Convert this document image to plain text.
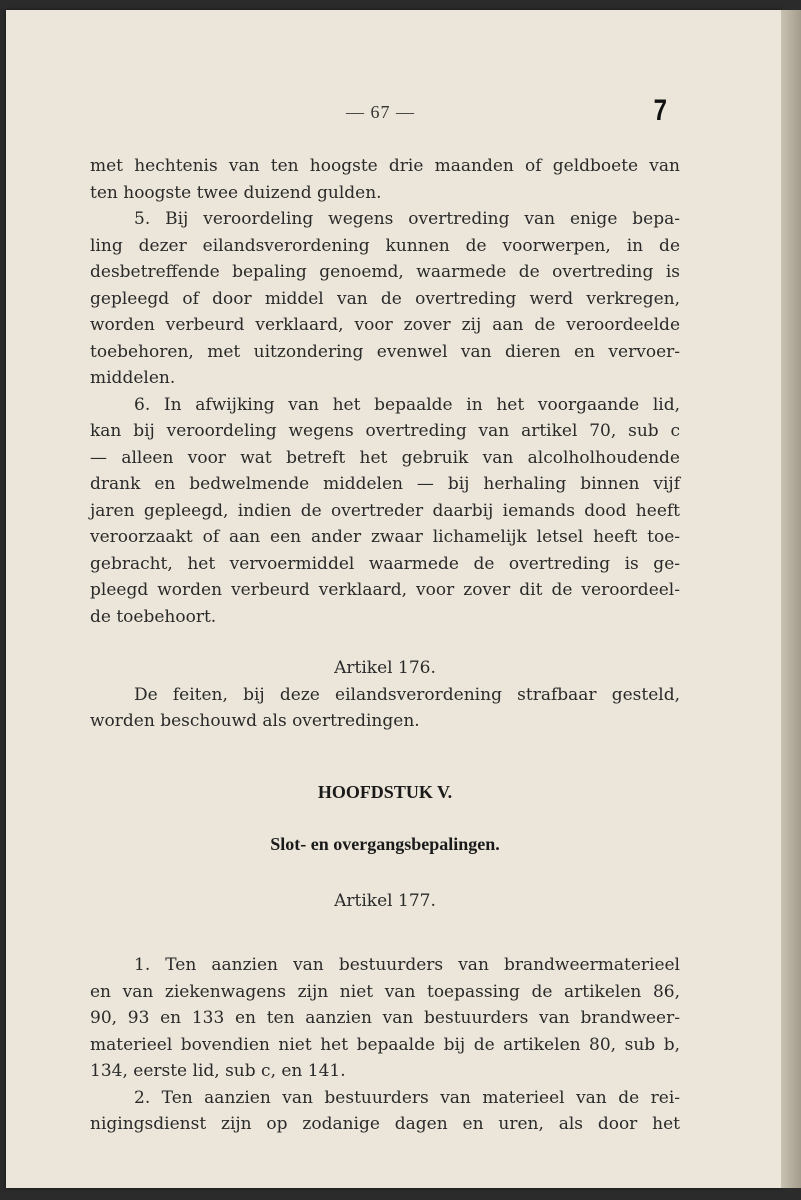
— 67 —	7
met hechtenis van ten hoogste drie maanden of geldboete van
ten hoogste twee duizend gulden.
5. Bij veroordeling wegens overtreding van enige bepa-
ling dezer eilandsverordening kunnen de voorwerpen, in de
desbetreffende bepaling genoemd, waarmede de overtreding is
gepleegd of door middel van de overtreding werd verkregen,
worden verbeurd verklaard, voor zover zij aan de veroordeelde
toebehoren, met uitzondering evenwel van dieren en vervoer-
middelen.
6. In afwijking van het bepaalde in het voorgaande lid,
kan bij veroordeling wegens overtreding van artikel 70, sub c
— alleen voor wat betreft het gebruik van alcolholhoudende
drank en bedwelmende middelen — bij herhaling binnen vijf
jaren gepleegd, indien de overtreder daarbij iemands dood heeft
veroorzaakt of aan een ander zwaar lichamelijk letsel heeft toe-
gebracht, het vervoermiddel waarmede de overtreding is ge-
pleegd worden verbeurd verklaard, voor zover dit de veroordeel-
de toebehoort.
Artikel 176.
De feiten, bij deze eilandsverordening strafbaar gesteld,
worden beschouwd als overtredingen.
HOOFDSTUK V.
Slot- en overgangsbepalingen.
Artikel 177.
1. Ten aanzien van bestuurders van brandweermaterieel
en van ziekenwagens zijn niet van toepassing de artikelen 86,
90, 93 en 133 en ten aanzien van bestuurders van brandweer-
materieel bovendien niet het bepaalde bij de artikelen 80, sub b,
134, eerste lid, sub c, en 141.
2. Ten aanzien van bestuurders van materieel van de rei-
nigingsdienst zijn op zodanige dagen en uren, als door het
